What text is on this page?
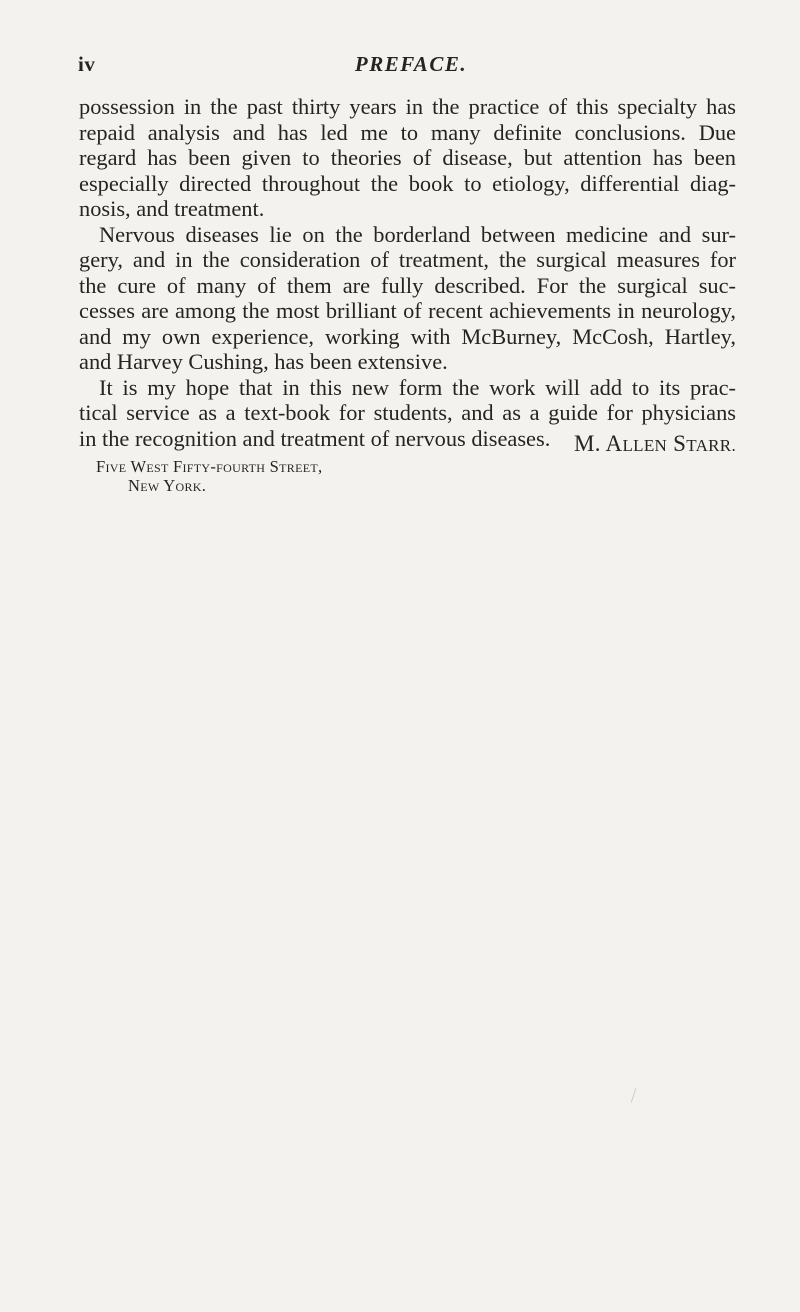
iv	PREFACE.
possession in the past thirty years in the practice of this specialty has
repaid analysis and has led me to many definite conclusions. Due
regard has been given to theories of disease, but attention has been
especially directed throughout the book to etiology, differential diag-
nosis, and treatment.
Nervous diseases lie on the borderland between medicine and sur-
gery, and in the consideration of treatment, the surgical measures for
the cure of many of them are fully described. For the surgical suc-
cesses are among the most brilliant of recent achievements in neurology,
and my own experience, working with McBurney, McCosh, Hartley,
and Harvey Cushing, has been extensive.
It is my hope that in this new form the work will add to its prac-
tical service as a text-book for students, and as a guide for physicians
in the recognition and treatment of nervous diseases.	M. ALLEN STARR.
Five West Fifty-fourth Street,
New York.
